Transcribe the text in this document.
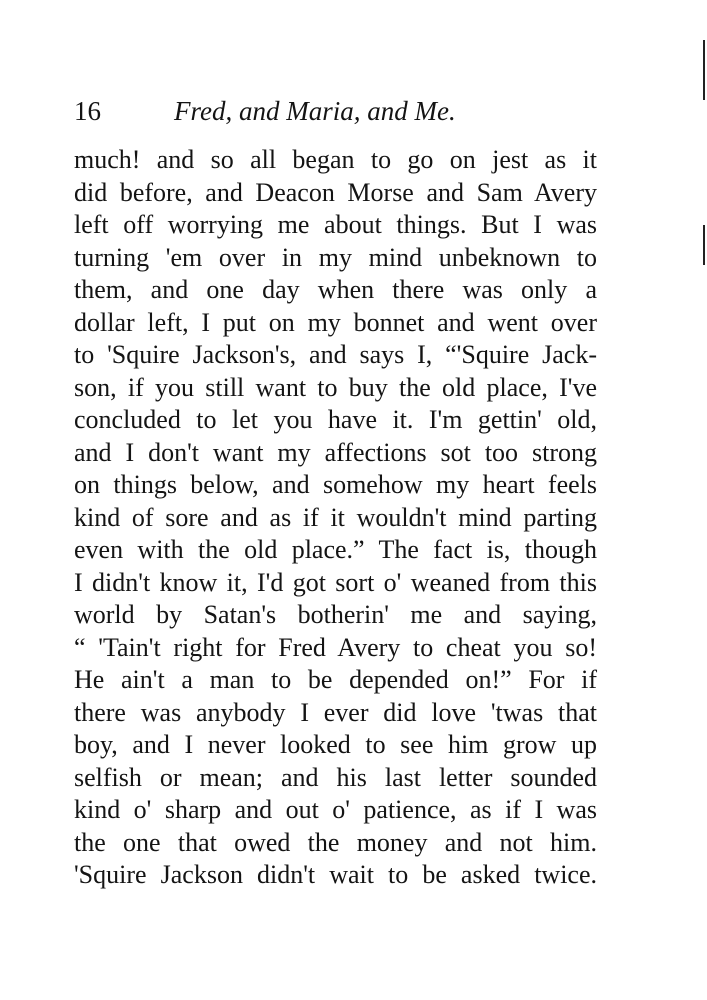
16	Fred, and Maria, and Me.
much! and so all began to go on jest as it
did before, and Deacon Morse and Sam Avery
left off worrying me about things. But I was
turning 'em over in my mind unbeknown to
them, and one day when there was only a
dollar left, I put on my bonnet and went over
to 'Squire Jackson's, and says I, “'Squire Jack-
son, if you still want to buy the old place, I've
concluded to let you have it. I'm gettin' old,
and I don't want my affections sot too strong
on things below, and somehow my heart feels
kind of sore and as if it wouldn't mind parting
even with the old place.” The fact is, though
I didn't know it, I'd got sort o' weaned from this
world by Satan's botherin' me and saying,
“ 'Tain't right for Fred Avery to cheat you so!
He ain't a man to be depended on!” For if
there was anybody I ever did love 'twas that
boy, and I never looked to see him grow up
selfish or mean; and his last letter sounded
kind o' sharp and out o' patience, as if I was
the one that owed the money and not him.
'Squire Jackson didn't wait to be asked twice.
